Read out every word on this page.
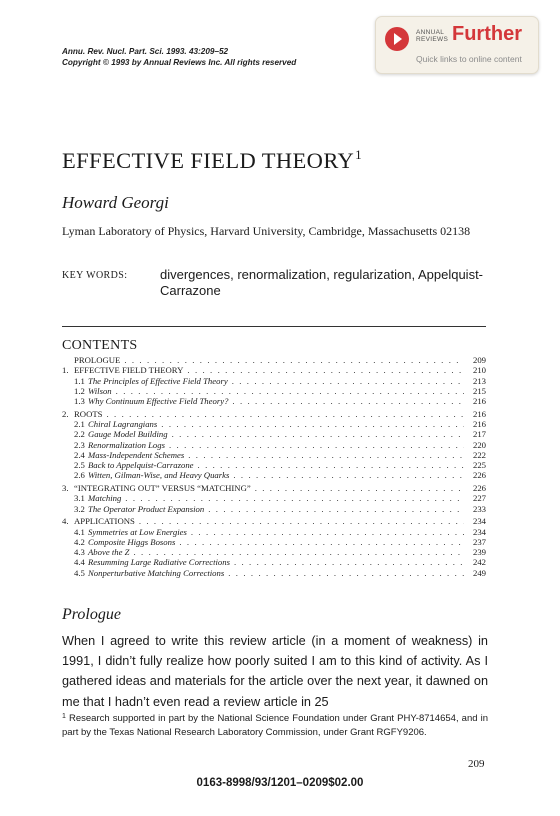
Annu. Rev. Nucl. Part. Sci. 1993. 43:209–52
Copyright © 1993 by Annual Reviews Inc. All rights reserved
ANNUAL
REVIEWS Further
Quick links to online content
EFFECTIVE FIELD THEORY$^1$
Howard Georgi
Lyman Laboratory of Physics, Harvard University, Cambridge, Massachusetts 02138
KEY WORDS:	divergences, renormalization, regularization, Appelquist-Carrazone
CONTENTS
PROLOGUE . . .	209
1. EFFECTIVE FIELD THEORY . . .	210
1.1 The Principles of Effective Field Theory . . .	213
1.2 Wilson . . .	215
1.3 Why Continuum Effective Field Theory? . . .	216
2. ROOTS . . .	216
2.1 Chiral Lagrangians . . .	216
2.2 Gauge Model Building . . .	217
2.3 Renormalization Logs . . .	220
2.4 Mass-Independent Schemes . . .	222
2.5 Back to Appelquist-Carrazone . . .	225
2.6 Witten, Gilman-Wise, and Heavy Quarks . . .	226
3. “INTEGRATING OUT” VERSUS “MATCHING” . . .	226
3.1 Matching . . .	227
3.2 The Operator Product Expansion . . .	233
4. APPLICATIONS . . .	234
4.1 Symmetries at Low Energies . . .	234
4.2 Composite Higgs Bosons . . .	237
4.3 Above the Z . . .	239
4.4 Resumming Large Radiative Corrections . . .	242
4.5 Nonperturbative Matching Corrections . . .	249
Prologue
When I agreed to write this review article (in a moment of weakness) in 1991, I didn’t fully realize how poorly suited I am to this kind of activity. As I gathered ideas and materials for the article over the next year, it dawned on me that I hadn’t even read a review article in 25
$^1$ Research supported in part by the National Science Foundation under Grant PHY-8714654, and in part by the Texas National Research Laboratory Commission, under Grant RGFY9206.
209
0163-8998/93/1201–0209$02.00
